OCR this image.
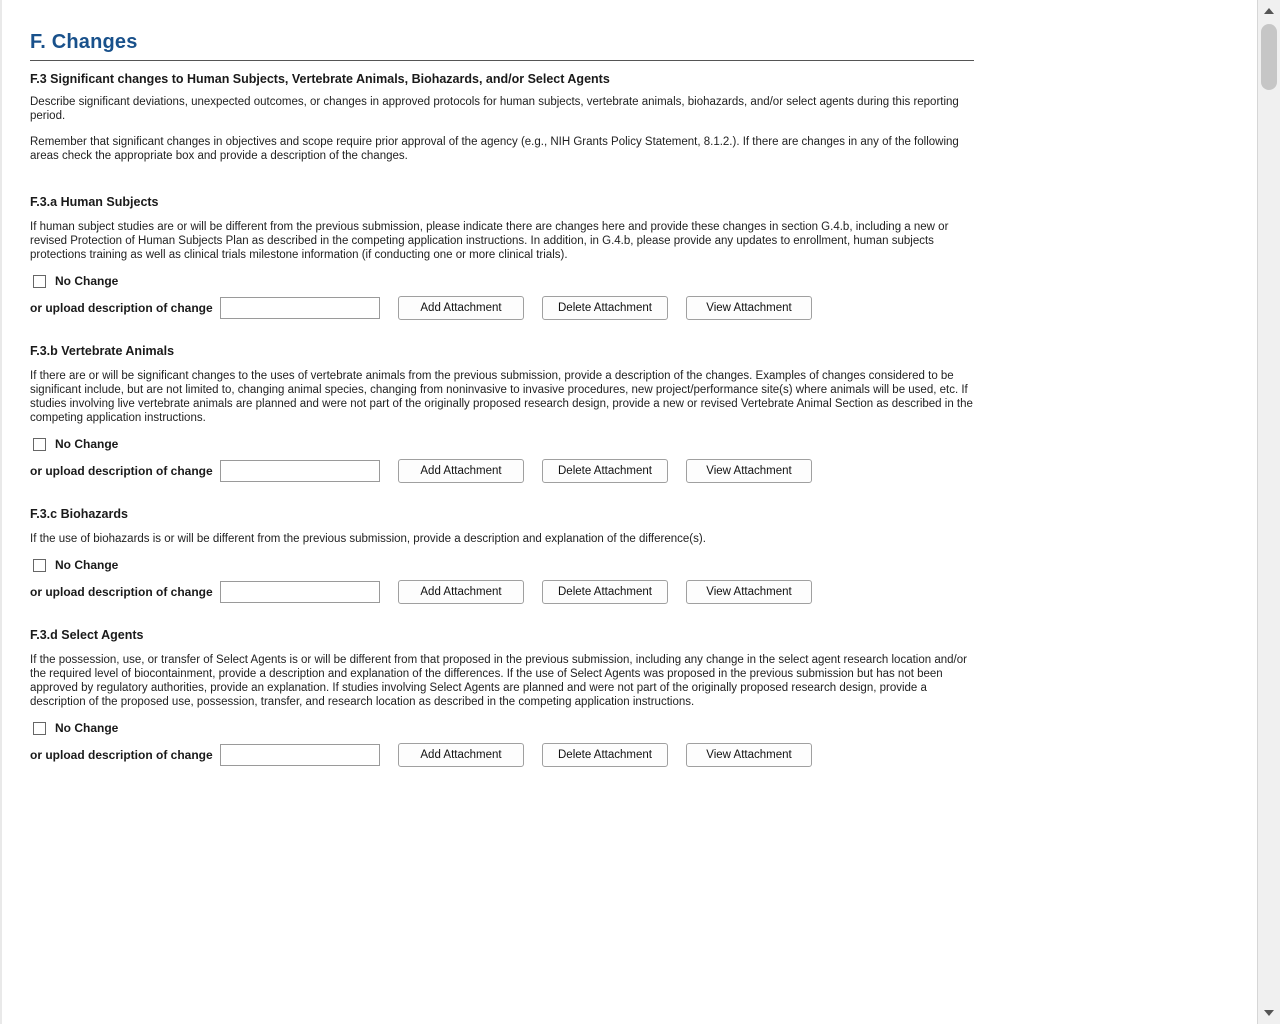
F. Changes
F.3 Significant changes to Human Subjects, Vertebrate Animals, Biohazards, and/or Select Agents

Describe significant deviations, unexpected outcomes, or changes in approved protocols for human subjects, vertebrate animals, biohazards, and/or select agents during this reporting period.

Remember that significant changes in objectives and scope require prior approval of the agency (e.g., NIH Grants Policy Statement, 8.1.2.). If there are changes in any of the following areas check the appropriate box and provide a description of the changes.

F.3.a Human Subjects

If human subject studies are or will be different from the previous submission, please indicate there are changes here and provide these changes in section G.4.b, including a new or revised Protection of Human Subjects Plan as described in the competing application instructions. In addition, in G.4.b, please provide any updates to enrollment, human subjects protections training as well as clinical trials milestone information (if conducting one or more clinical trials).

No Change
or upload description of change	Add Attachment	Delete Attachment	View Attachment
F.3.b Vertebrate Animals

If there are or will be significant changes to the uses of vertebrate animals from the previous submission, provide a description of the changes. Examples of changes considered to be significant include, but are not limited to, changing animal species, changing from noninvasive to invasive procedures, new project/performance site(s) where animals will be used, etc. If studies involving live vertebrate animals are planned and were not part of the originally proposed research design, provide a new or revised Vertebrate Animal Section as described in the competing application instructions.

No Change
or upload description of change	Add Attachment	Delete Attachment	View Attachment
F.3.c Biohazards

If the use of biohazards is or will be different from the previous submission, provide a description and explanation of the difference(s).

No Change
or upload description of change	Add Attachment	Delete Attachment	View Attachment
F.3.d Select Agents

If the possession, use, or transfer of Select Agents is or will be different from that proposed in the previous submission, including any change in the select agent research location and/or the required level of biocontainment, provide a description and explanation of the differences. If the use of Select Agents was proposed in the previous submission but has not been approved by regulatory authorities, provide an explanation. If studies involving Select Agents are planned and were not part of the originally proposed research design, provide a description of the proposed use, possession, transfer, and research location as described in the competing application instructions.

No Change
or upload description of change	Add Attachment	Delete Attachment	View Attachment
